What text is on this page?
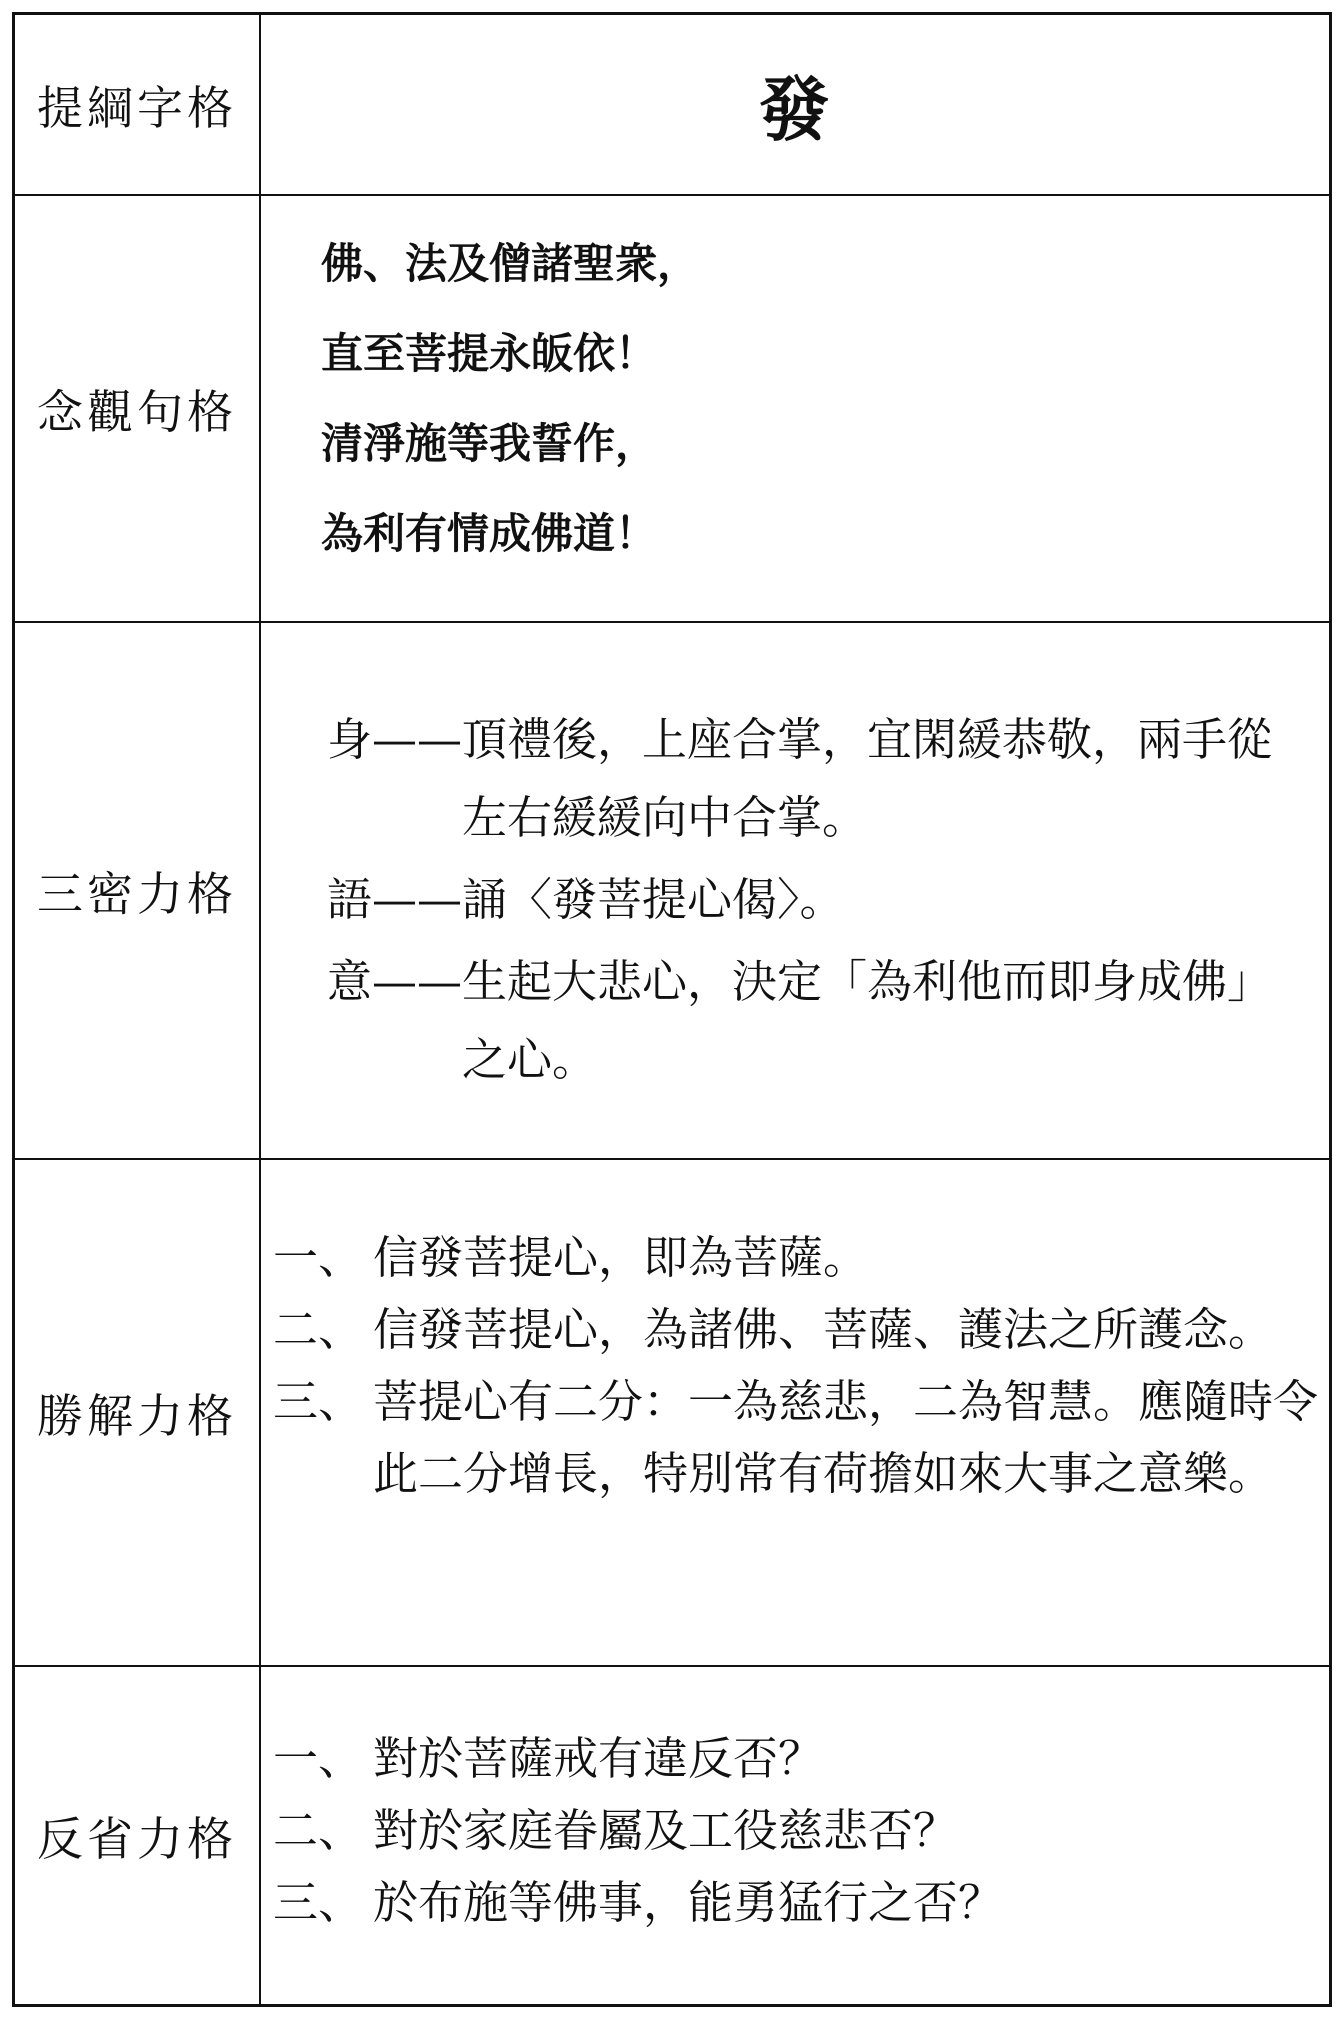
提綱字格	發
念觀句格
佛、法及僧諸聖衆，
直至菩提永皈依！
清淨施等我誓作，
為利有情成佛道！
三密力格
身—— 頂禮後，上座合掌，宜閑緩恭敬，兩手從左右緩緩向中合掌。
語—— 誦〈發菩提心偈〉。
意—— 生起大悲心，決定「為利他而即身成佛」之心。
勝解力格
一、 信發菩提心，即為菩薩。
二、 信發菩提心，為諸佛、菩薩、護法之所護念。
三、 菩提心有二分：一為慈悲，二為智慧。應隨時令此二分增長，特別常有荷擔如來大事之意樂。
反省力格
一、 對於菩薩戒有違反否？
二、 對於家庭眷屬及工役慈悲否？
三、 於布施等佛事，能勇猛行之否？
